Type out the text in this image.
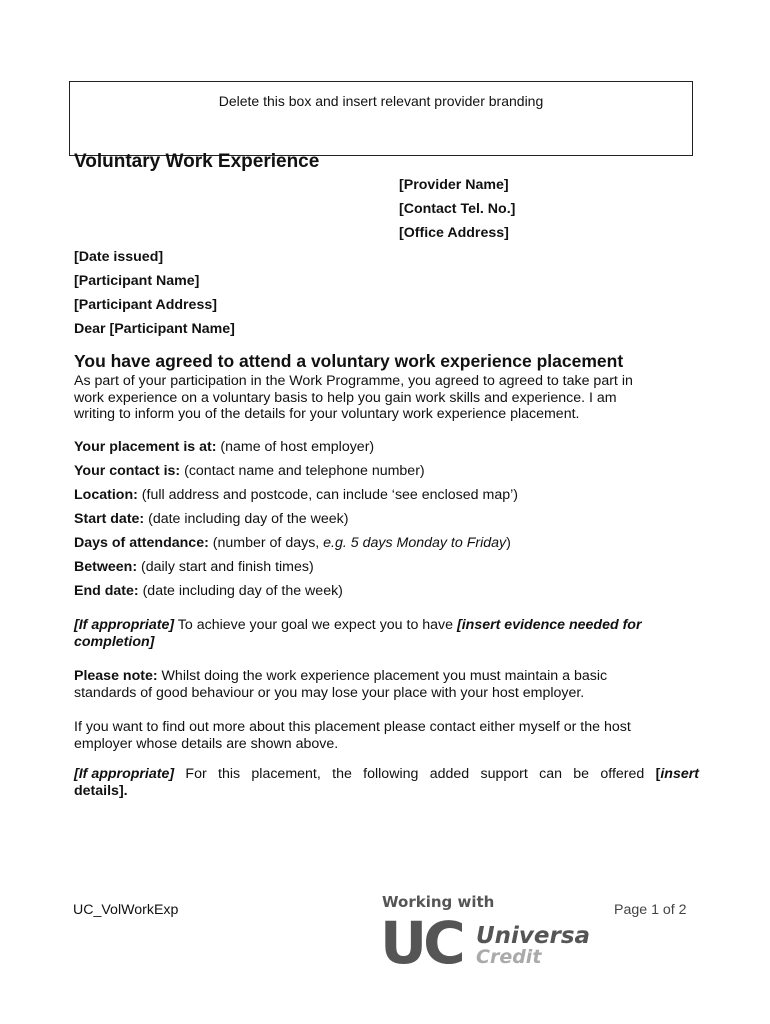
Delete this box and insert relevant provider branding
Voluntary Work Experience
[Provider Name]
[Contact Tel. No.]
[Office Address]
[Date issued]
[Participant Name]
[Participant Address]
Dear [Participant Name]
You have agreed to attend a voluntary work experience placement
As part of your participation in the Work Programme, you agreed to agreed to take part in
work experience on a voluntary basis to help you gain work skills and experience. I am
writing to inform you of the details for your voluntary work experience placement.
Your placement is at: (name of host employer)
Your contact is: (contact name and telephone number)
Location: (full address and postcode, can include ‘see enclosed map’)
Start date: (date including day of the week)
Days of attendance: (number of days, e.g. 5 days Monday to Friday)
Between: (daily start and finish times)
End date: (date including day of the week)
[If appropriate] To achieve your goal we expect you to have [insert evidence needed for
completion]
Please note: Whilst doing the work experience placement you must maintain a basic
standards of good behaviour or you may lose your place with your host employer.
If you want to find out more about this placement please contact either myself or the host
employer whose details are shown above.
[If appropriate] For this placement, the following added support can be offered [insert
details].
UC_VolWorkExp	Working with
UC Universal
Credit
Page 1 of 2
